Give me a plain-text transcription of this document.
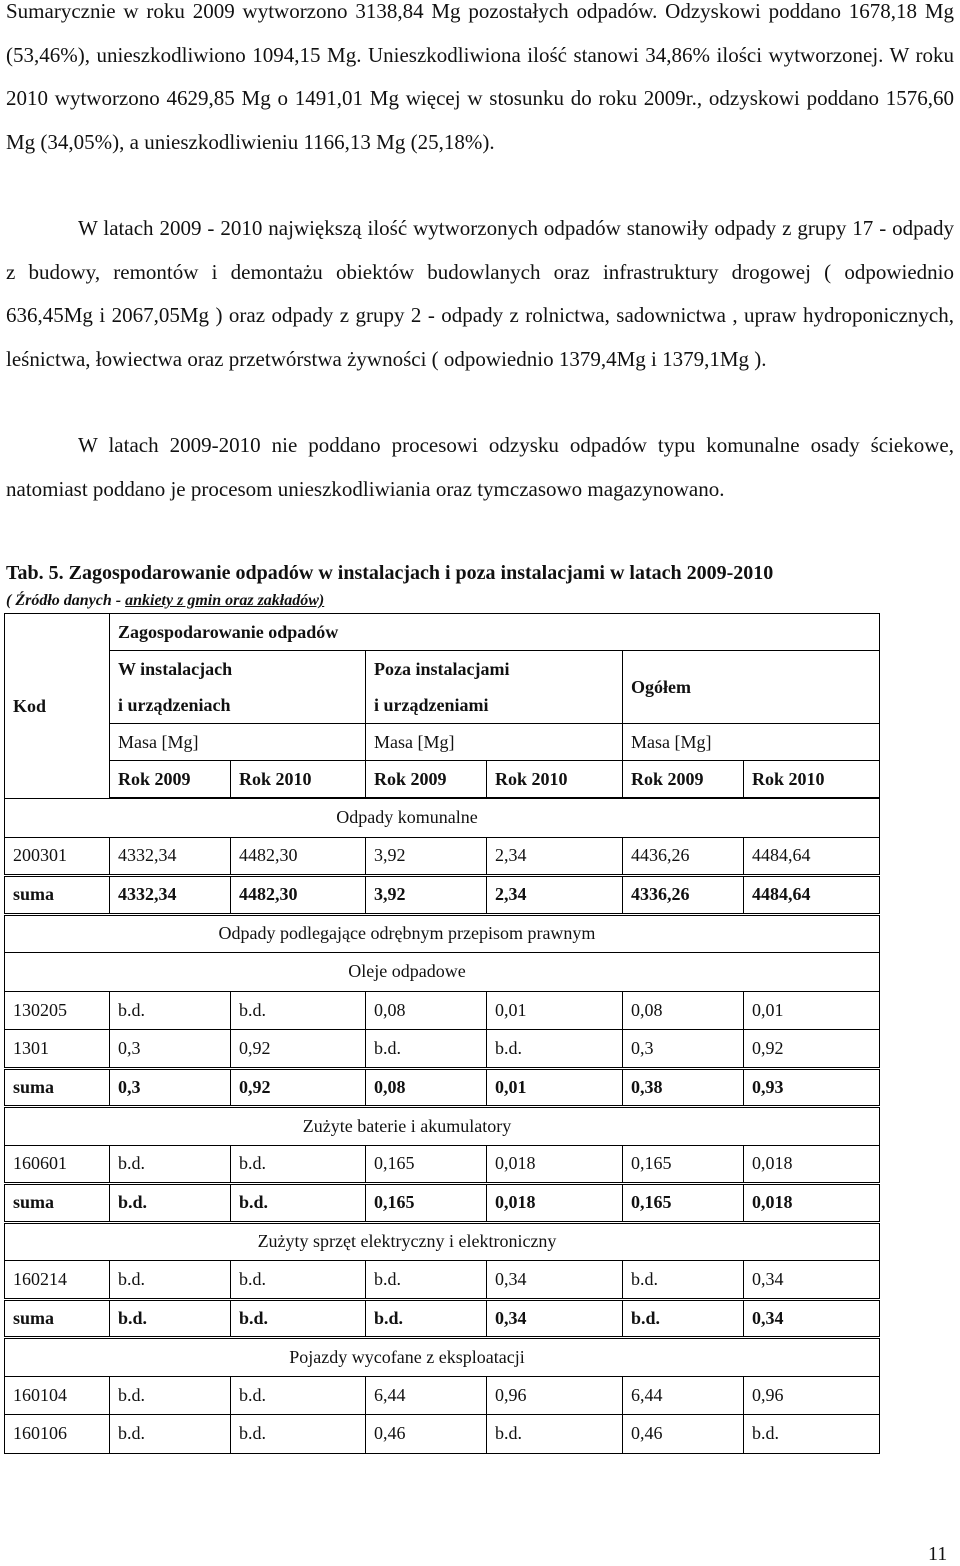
Sumarycznie w roku 2009 wytworzono 3138,84 Mg pozostałych odpadów. Odzyskowi poddano 1678,18 Mg (53,46%), unieszkodliwiono 1094,15 Mg. Unieszkodliwiona ilość stanowi 34,86% ilości wytworzonej. W roku 2010 wytworzono 4629,85 Mg o 1491,01 Mg więcej w stosunku do roku 2009r., odzyskowi poddano 1576,60 Mg (34,05%), a unieszkodliwieniu 1166,13 Mg (25,18%).

W latach 2009 - 2010 największą ilość wytworzonych odpadów stanowiły odpady z grupy 17 - odpady z budowy, remontów i demontażu obiektów budowlanych oraz infrastruktury drogowej ( odpowiednio 636,45Mg i 2067,05Mg ) oraz odpady z grupy 2 - odpady z rolnictwa, sadownictwa , upraw hydroponicznych, leśnictwa, łowiectwa oraz przetwórstwa żywności ( odpowiednio 1379,4Mg i 1379,1Mg ).

W latach 2009-2010 nie poddano procesowi odzysku odpadów typu komunalne osady ściekowe, natomiast poddano je procesom unieszkodliwiania oraz tymczasowo magazynowano.

Tab. 5. Zagospodarowanie odpadów w instalacjach i poza instalacjami w latach 2009-2010
( Źródło danych - ankiety z gmin oraz zakładów)
Kod	Zagospodarowanie odpadów					
	W instalacjach
i urządzeniach		Poza instalacjami
i urządzeniami		Ogółem	
	Masa [Mg]		Masa [Mg]		Masa [Mg]	
	Rok 2009	Rok 2010	Rok 2009	Rok 2010	Rok 2009	Rok 2010

Odpady komunalne						
200301	4332,34	4482,30	3,92	2,34	4436,26	4484,64
suma	4332,34	4482,30	3,92	2,34	4336,26	4484,64
Odpady podlegające odrębnym przepisom prawnym						
Oleje odpadowe						
130205	b.d.	b.d.	0,08	0,01	0,08	0,01
1301	0,3	0,92	b.d.	b.d.	0,3	0,92
suma	0,3	0,92	0,08	0,01	0,38	0,93
Zużyte baterie i akumulatory						
160601	b.d.	b.d.	0,165	0,018	0,165	0,018
suma	b.d.	b.d.	0,165	0,018	0,165	0,018
Zużyty sprzęt elektryczny i elektroniczny						
160214	b.d.	b.d.	b.d.	0,34	b.d.	0,34
suma	b.d.	b.d.	b.d.	0,34	b.d.	0,34
Pojazdy wycofane z eksploatacji						
160104	b.d.	b.d.	6,44	0,96	6,44	0,96
160106	b.d.	b.d.	0,46	b.d.	0,46	b.d.
11
